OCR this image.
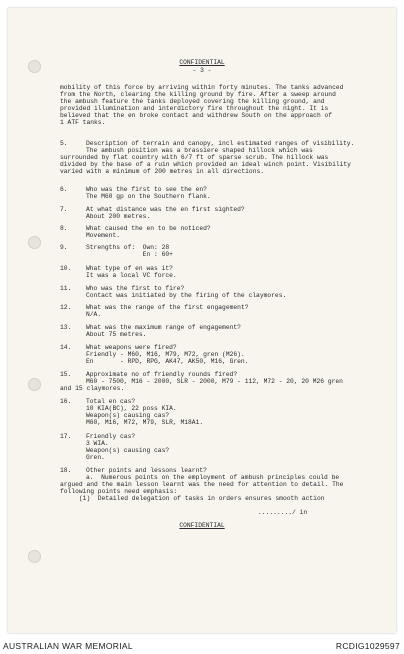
CONFIDENTIAL
- 3 -
mobility of this force by arriving within forty minutes. The tanks advanced
from the North, clearing the killing ground by fire. After a sweep around
the ambush feature the tanks deployed covering the killing ground, and
provided illumination and interdictory fire throughout the night. It is
believed that the en broke contact and withdrew South on the approach of
1 ATF tanks.
5.	Description of terrain and canopy, incl estimated ranges of visibility.
The ambush position was a brassiere shaped hillock which was
surrounded by flat country with 6/7 ft of sparse scrub. The hillock was
divided by the base of a ruin which provided an ideal winch point. Visibility
varied with a minimum of 200 metres in all directions.
6.	Who was the first to see the en?
The M60 gp on the Southern flank.
7.	At what distance was the en first sighted?
About 200 metres.
8.	What caused the en to be noticed?
Movement.
9.	Strengths of:  Own: 28
En : 60+
10.	What type of en was it?
It was a local VC force.
11.	Who was the first to fire?
Contact was initiated by the firing of the claymores.
12.	What was the range of the first engagement?
N/A.
13.	What was the maximum range of engagement?
About 75 metres.
14.	What weapons were fired?
Friendly - M60, M16, M79, M72, gren (M26).
En       - RPD, RPG, AK47, AK50, M16, Gren.
15.	Approximate no of friendly rounds fired?
M60 - 7500, M16 - 2000, SLR - 2000, M79 - 112, M72 - 20, 20 M26 gren
and 15 claymores.
16.	Total en cas?
10 KIA(BC), 22 poss KIA.
Weapon(s) causing cas?
M60, M16, M72, M79, SLR, M18A1.
17.	Friendly cas?
3 WIA.
Weapon(s) causing cas?
Gren.
18.	Other points and lessons learnt?
a.  Numerous points on the employment of ambush principles could be
argued and the main lesson learnt was the need for attention to detail. The
following points need emphasis:
(1)  Detailed delegation of tasks in orders ensures smooth action
........./ in
CONFIDENTIAL
AUSTRALIAN WAR MEMORIAL	RCDIG1029597
